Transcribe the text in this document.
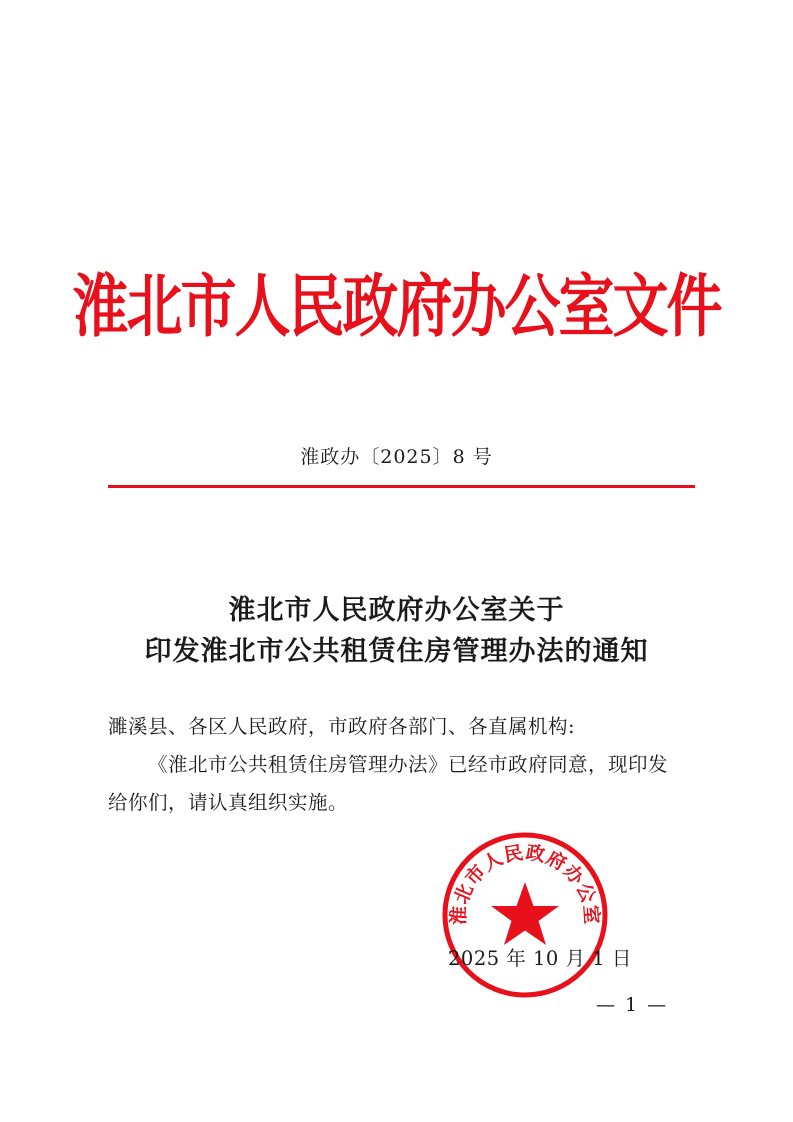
淮北市人民政府办公室文件
淮政办〔2025〕8 号
淮北市人民政府办公室关于
印发淮北市公共租赁住房管理办法的通知
濉溪县、各区人民政府，市政府各部门、各直属机构:
《淮北市公共租赁住房管理办法》已经市政府同意，现印发
给你们，请认真组织实施。
2025 年 10 月 1 日
淮北市人民政府办公室
— 1 —
